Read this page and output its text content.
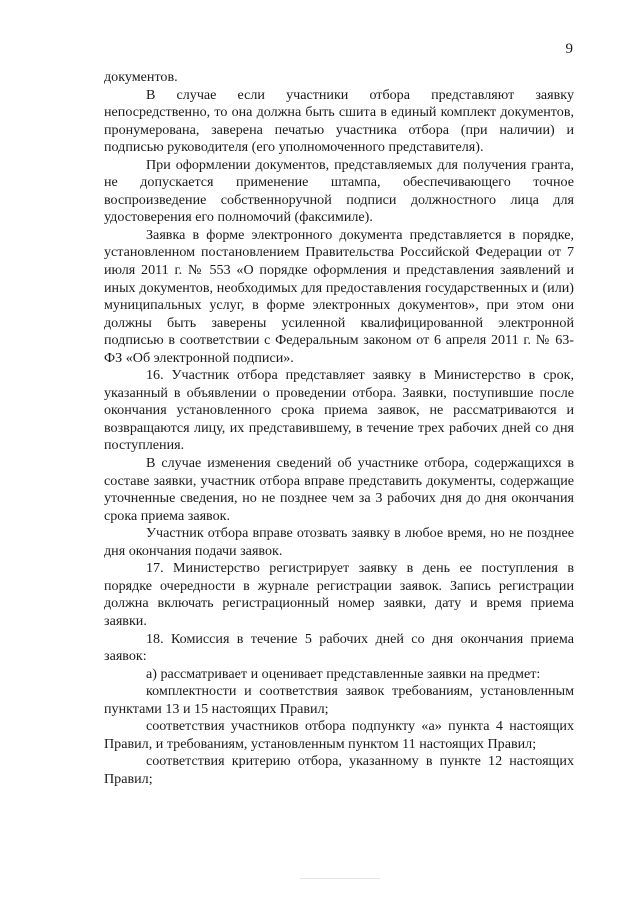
9

документов.

В случае если участники отбора представляют заявку непосредственно, то она должна быть сшита в единый комплект документов, пронумерована, заверена печатью участника отбора (при наличии) и подписью руководителя (его уполномоченного представителя).

При оформлении документов, представляемых для получения гранта, не допускается применение штампа, обеспечивающего точное воспроизведение собственноручной подписи должностного лица для удостоверения его полномочий (факсимиле).

Заявка в форме электронного документа представляется в порядке, установленном постановлением Правительства Российской Федерации от 7 июля 2011 г. № 553 «О порядке оформления и представления заявлений и иных документов, необходимых для предоставления государственных и (или) муниципальных услуг, в форме электронных документов», при этом они должны быть заверены усиленной квалифицированной электронной подписью в соответствии с Федеральным законом от 6 апреля 2011 г. № 63-ФЗ «Об электронной подписи».

16. Участник отбора представляет заявку в Министерство в срок, указанный в объявлении о проведении отбора. Заявки, поступившие после окончания установленного срока приема заявок, не рассматриваются и возвращаются лицу, их представившему, в течение трех рабочих дней со дня поступления.

В случае изменения сведений об участнике отбора, содержащихся в составе заявки, участник отбора вправе представить документы, содержащие уточненные сведения, но не позднее чем за 3 рабочих дня до дня окончания срока приема заявок.

Участник отбора вправе отозвать заявку в любое время, но не позднее дня окончания подачи заявок.

17. Министерство регистрирует заявку в день ее поступления в порядке очередности в журнале регистрации заявок. Запись регистрации должна включать регистрационный номер заявки, дату и время приема заявки.

18. Комиссия в течение 5 рабочих дней со дня окончания приема заявок:

а) рассматривает и оценивает представленные заявки на предмет:

комплектности и соответствия заявок требованиям, установленным пунктами 13 и 15 настоящих Правил;

соответствия участников отбора подпункту «а» пункта 4 настоящих Правил, и требованиям, установленным пунктом 11 настоящих Правил;

соответствия критерию отбора, указанному в пункте 12 настоящих Правил;
